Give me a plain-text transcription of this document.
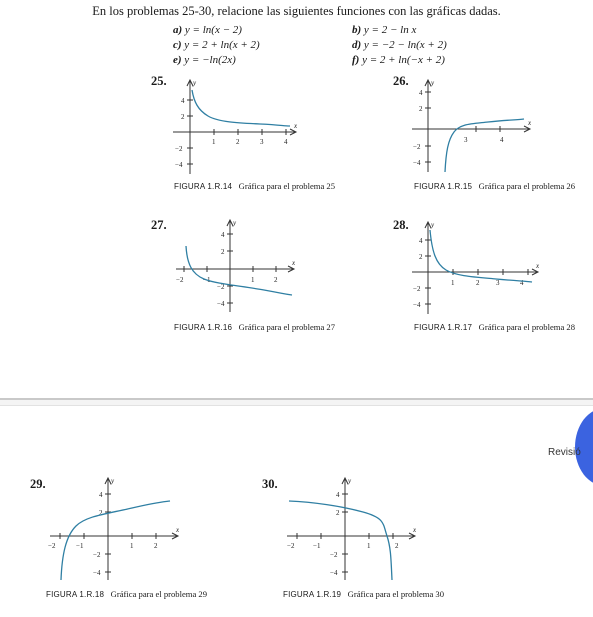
En los problemas 25-30, relacione las siguientes funciones con las gráficas dadas.
a) y = ln(x − 2)	b) y = 2 − ln x
c) y = 2 + ln(x + 2)	d) y = −2 − ln(x + 2)
e) y = −ln(2x)	f) y = 2 + ln(−x + 2)
25.
1	2	3	4
4
2
−2
−4
x
y
FIGURA 1.R.14 Gráfica para el problema 25
26.
3	4
4
2
−2
−4
x
y
FIGURA 1.R.15 Gráfica para el problema 26
27.
−2	−1	1	2
4
2
−2
−4
x
y
FIGURA 1.R.16 Gráfica para el problema 27
28.
1	2 3	4
4
2
−2
−4
x
y
FIGURA 1.R.17 Gráfica para el problema 28
Revisió
29.
−2	−1	1	2
4
2
−2
−4
x
y
FIGURA 1.R.18 Gráfica para el problema 29
30.
−2	−1	1	2
4
2
−2
−4
x
y
FIGURA 1.R.19 Gráfica para el problema 30
